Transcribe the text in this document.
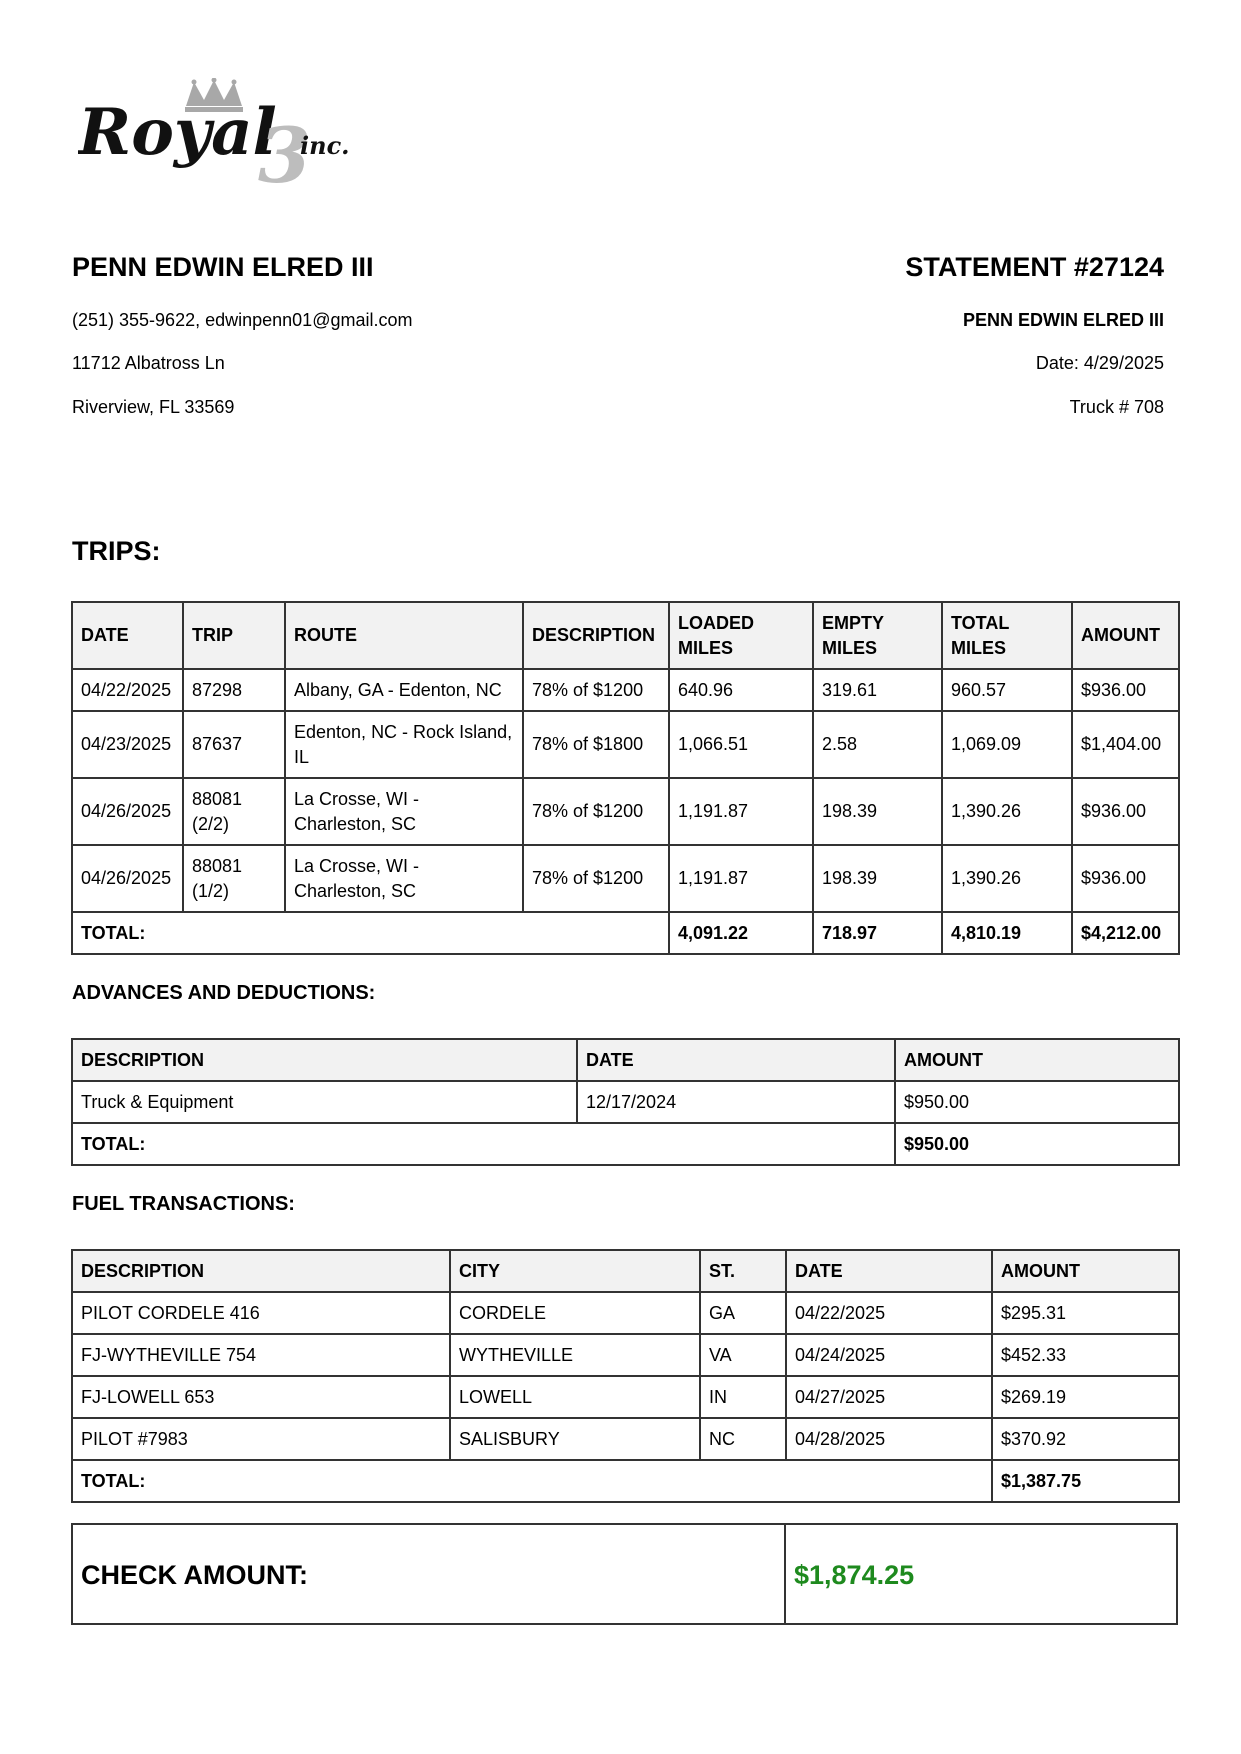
Royal
3
inc.
PENN EDWIN ELRED III
(251) 355-9622, edwinpenn01@gmail.com
11712 Albatross Ln
Riverview, FL 33569
STATEMENT #27124
PENN EDWIN ELRED III
Date: 4/29/2025
Truck # 708
TRIPS:
DATE	TRIP	ROUTE	DESCRIPTION	LOADED MILES	EMPTY MILES	TOTAL MILES	AMOUNT
04/22/2025	87298	Albany, GA - Edenton, NC	78% of $1200	640.96	319.61	960.57	$936.00
04/23/2025	87637	Edenton, NC - Rock Island, IL	78% of $1800	1,066.51	2.58	1,069.09	$1,404.00
04/26/2025	88081 (2/2)	La Crosse, WI - Charleston, SC	78% of $1200	1,191.87	198.39	1,390.26	$936.00
04/26/2025	88081 (1/2)	La Crosse, WI - Charleston, SC	78% of $1200	1,191.87	198.39	1,390.26	$936.00
TOTAL:				4,091.22	718.97	4,810.19	$4,212.00
ADVANCES AND DEDUCTIONS:
DESCRIPTION	DATE	AMOUNT
Truck & Equipment	12/17/2024	$950.00
TOTAL:		$950.00
FUEL TRANSACTIONS:
DESCRIPTION	CITY	ST.	DATE	AMOUNT
PILOT CORDELE 416	CORDELE	GA	04/22/2025	$295.31
FJ-WYTHEVILLE 754	WYTHEVILLE	VA	04/24/2025	$452.33
FJ-LOWELL 653	LOWELL	IN	04/27/2025	$269.19
PILOT #7983	SALISBURY	NC	04/28/2025	$370.92
TOTAL:				$1,387.75
CHECK AMOUNT:	$1,874.25
